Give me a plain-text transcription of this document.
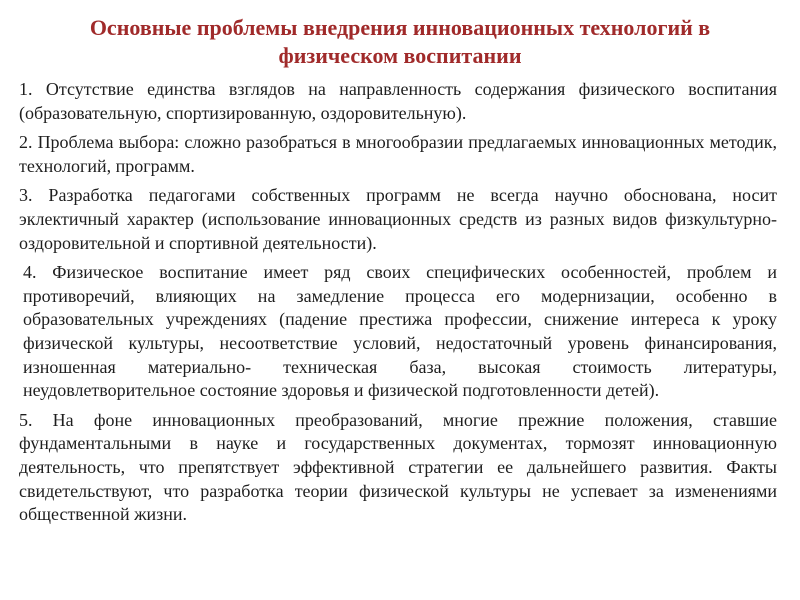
Основные проблемы внедрения инновационных технологий в физическом воспитании

1. Отсутствие единства взглядов на направленность содержания физического воспитания (образовательную, спортизированную, оздоровительную).

2. Проблема выбора: сложно разобраться в многообразии предлагаемых инновационных методик, технологий, программ.

3. Разработка педагогами собственных программ не всегда научно обоснована, носит эклектичный характер (использование инновационных средств из разных видов физкультурно-оздоровительной и спортивной деятельности).

4. Физическое воспитание имеет ряд своих специфических особенностей, проблем и противоречий, влияющих на замедление процесса его модернизации, особенно в образовательных учреждениях (падение престижа профессии, снижение интереса к уроку физической культуры, несоответствие условий, недостаточный уровень финансирования, изношенная материально- техническая база, высокая стоимость литературы, неудовлетворительное состояние здоровья и физической подготовленности детей).

5. На фоне инновационных преобразований, многие прежние положения, ставшие фундаментальными в науке и государственных документах, тормозят инновационную деятельность, что препятствует эффективной стратегии ее дальнейшего развития. Факты свидетельствуют, что разработка теории физической культуры не успевает за изменениями общественной жизни.
